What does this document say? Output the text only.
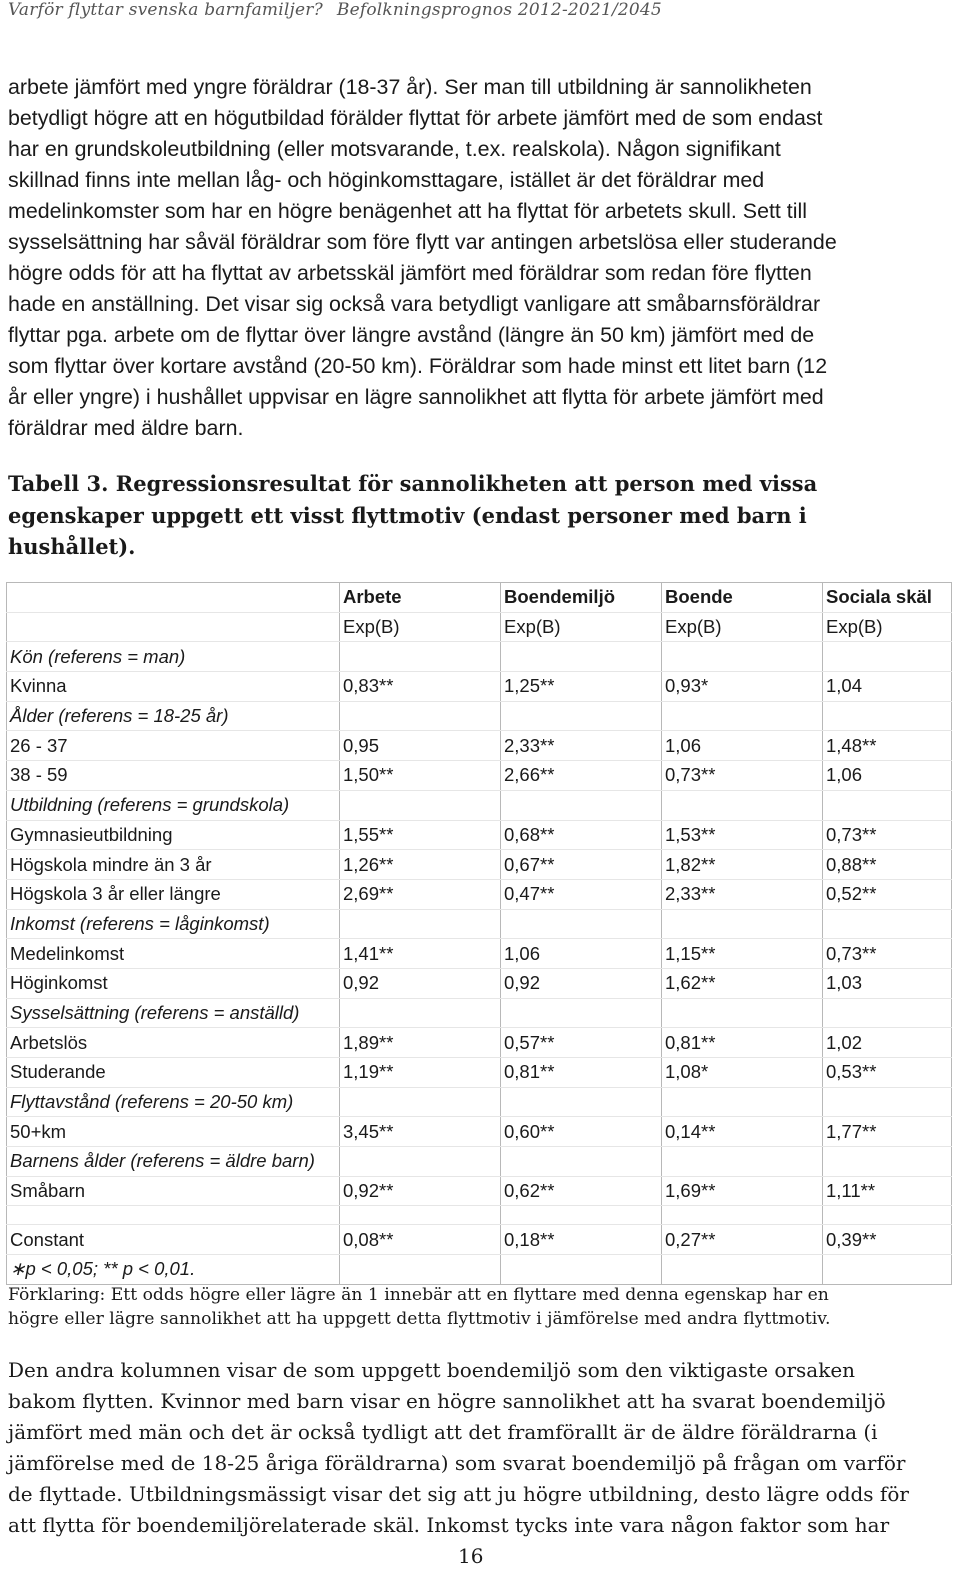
Varför flyttar svenska barnfamiljer? Befolkningsprognos 2012-2021/2045
arbete jämfört med yngre föräldrar (18-37 år). Ser man till utbildning är sannolikheten
betydligt högre att en högutbildad förälder flyttat för arbete jämfört med de som endast
har en grundskoleutbildning (eller motsvarande, t.ex. realskola). Någon signifikant
skillnad finns inte mellan låg- och höginkomsttagare, istället är det föräldrar med
medelinkomster som har en högre benägenhet att ha flyttat för arbetets skull. Sett till
sysselsättning har såväl föräldrar som före flytt var antingen arbetslösa eller studerande
högre odds för att ha flyttat av arbetsskäl jämfört med föräldrar som redan före flytten
hade en anställning. Det visar sig också vara betydligt vanligare att småbarnsföräldrar
flyttar pga. arbete om de flyttar över längre avstånd (längre än 50 km) jämfört med de
som flyttar över kortare avstånd (20-50 km). Föräldrar som hade minst ett litet barn (12
år eller yngre) i hushållet uppvisar en lägre sannolikhet att flytta för arbete jämfört med
föräldrar med äldre barn.
Tabell 3. Regressionsresultat för sannolikheten att person med vissa
egenskaper uppgett ett visst flyttmotiv (endast personer med barn i
hushållet).
	Arbete	Boendemiljö	Boende	Sociala skäl
	Exp(B)	Exp(B)	Exp(B)	Exp(B)
Kön (referens = man)				
Kvinna	0,83**	1,25**	0,93*	1,04
Ålder (referens = 18-25 år)				
26 - 37	0,95	2,33**	1,06	1,48**
38 - 59	1,50**	2,66**	0,73**	1,06
Utbildning (referens = grundskola)				
Gymnasieutbildning	1,55**	0,68**	1,53**	0,73**
Högskola mindre än 3 år	1,26**	0,67**	1,82**	0,88**
Högskola 3 år eller längre	2,69**	0,47**	2,33**	0,52**
Inkomst (referens = låginkomst)				
Medelinkomst	1,41**	1,06	1,15**	0,73**
Höginkomst	0,92	0,92	1,62**	1,03
Sysselsättning (referens = anställd)				
Arbetslös	1,89**	0,57**	0,81**	1,02
Studerande	1,19**	0,81**	1,08*	0,53**
Flyttavstånd (referens = 20-50 km)				
50+km	3,45**	0,60**	0,14**	1,77**
Barnens ålder (referens = äldre barn)				
Småbarn	0,92**	0,62**	1,69**	1,11**

Constant	0,08**	0,18**	0,27**	0,39**
∗p < 0,05; ** p < 0,01.				
Förklaring: Ett odds högre eller lägre än 1 innebär att en flyttare med denna egenskap har en
högre eller lägre sannolikhet att ha uppgett detta flyttmotiv i jämförelse med andra flyttmotiv.
Den andra kolumnen visar de som uppgett boendemiljö som den viktigaste orsaken
bakom flytten. Kvinnor med barn visar en högre sannolikhet att ha svarat boendemiljö
jämfört med män och det är också tydligt att det framförallt är de äldre föräldrarna (i
jämförelse med de 18-25 åriga föräldrarna) som svarat boendemiljö på frågan om varför
de flyttade. Utbildningsmässigt visar det sig att ju högre utbildning, desto lägre odds för
att flytta för boendemiljörelaterade skäl. Inkomst tycks inte vara någon faktor som har
16
